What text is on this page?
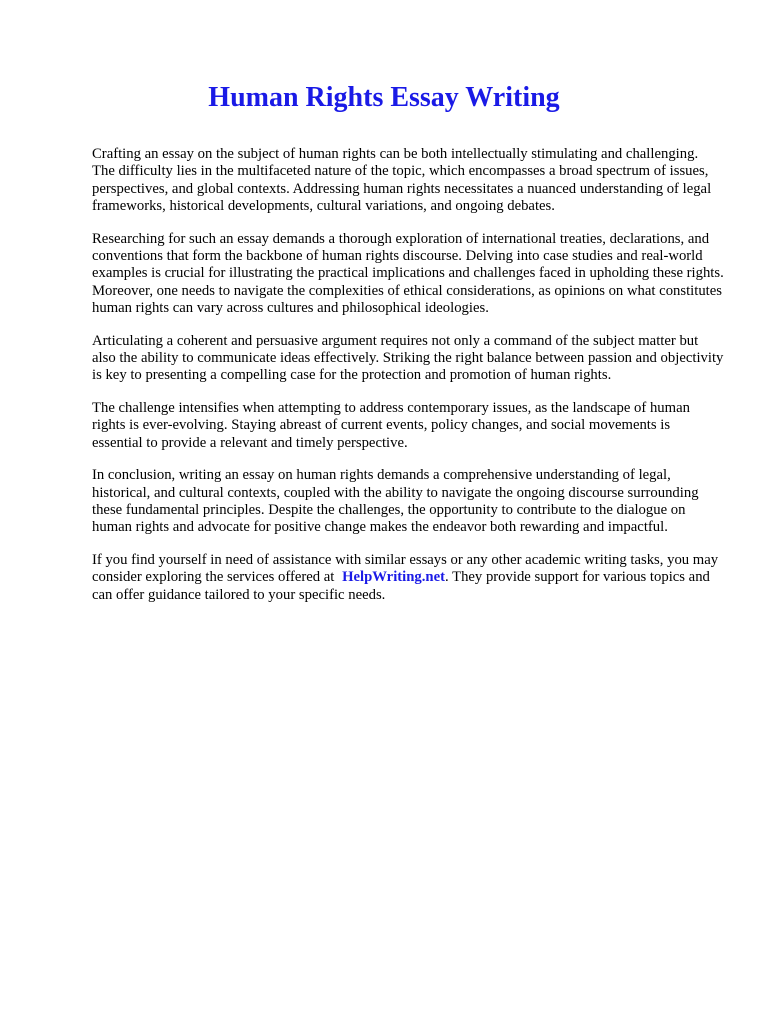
Human Rights Essay Writing

Crafting an essay on the subject of human rights can be both intellectually stimulating and challenging. The difficulty lies in the multifaceted nature of the topic, which encompasses a broad spectrum of issues, perspectives, and global contexts. Addressing human rights necessitates a nuanced understanding of legal frameworks, historical developments, cultural variations, and ongoing debates.

Researching for such an essay demands a thorough exploration of international treaties, declarations, and conventions that form the backbone of human rights discourse. Delving into case studies and real-world examples is crucial for illustrating the practical implications and challenges faced in upholding these rights. Moreover, one needs to navigate the complexities of ethical considerations, as opinions on what constitutes human rights can vary across cultures and philosophical ideologies.

Articulating a coherent and persuasive argument requires not only a command of the subject matter but also the ability to communicate ideas effectively. Striking the right balance between passion and objectivity is key to presenting a compelling case for the protection and promotion of human rights.

The challenge intensifies when attempting to address contemporary issues, as the landscape of human rights is ever-evolving. Staying abreast of current events, policy changes, and social movements is essential to provide a relevant and timely perspective.

In conclusion, writing an essay on human rights demands a comprehensive understanding of legal, historical, and cultural contexts, coupled with the ability to navigate the ongoing discourse surrounding these fundamental principles. Despite the challenges, the opportunity to contribute to the dialogue on human rights and advocate for positive change makes the endeavor both rewarding and impactful.

If you find yourself in need of assistance with similar essays or any other academic writing tasks, you may consider exploring the services offered at HelpWriting.net. They provide support for various topics and can offer guidance tailored to your specific needs.
